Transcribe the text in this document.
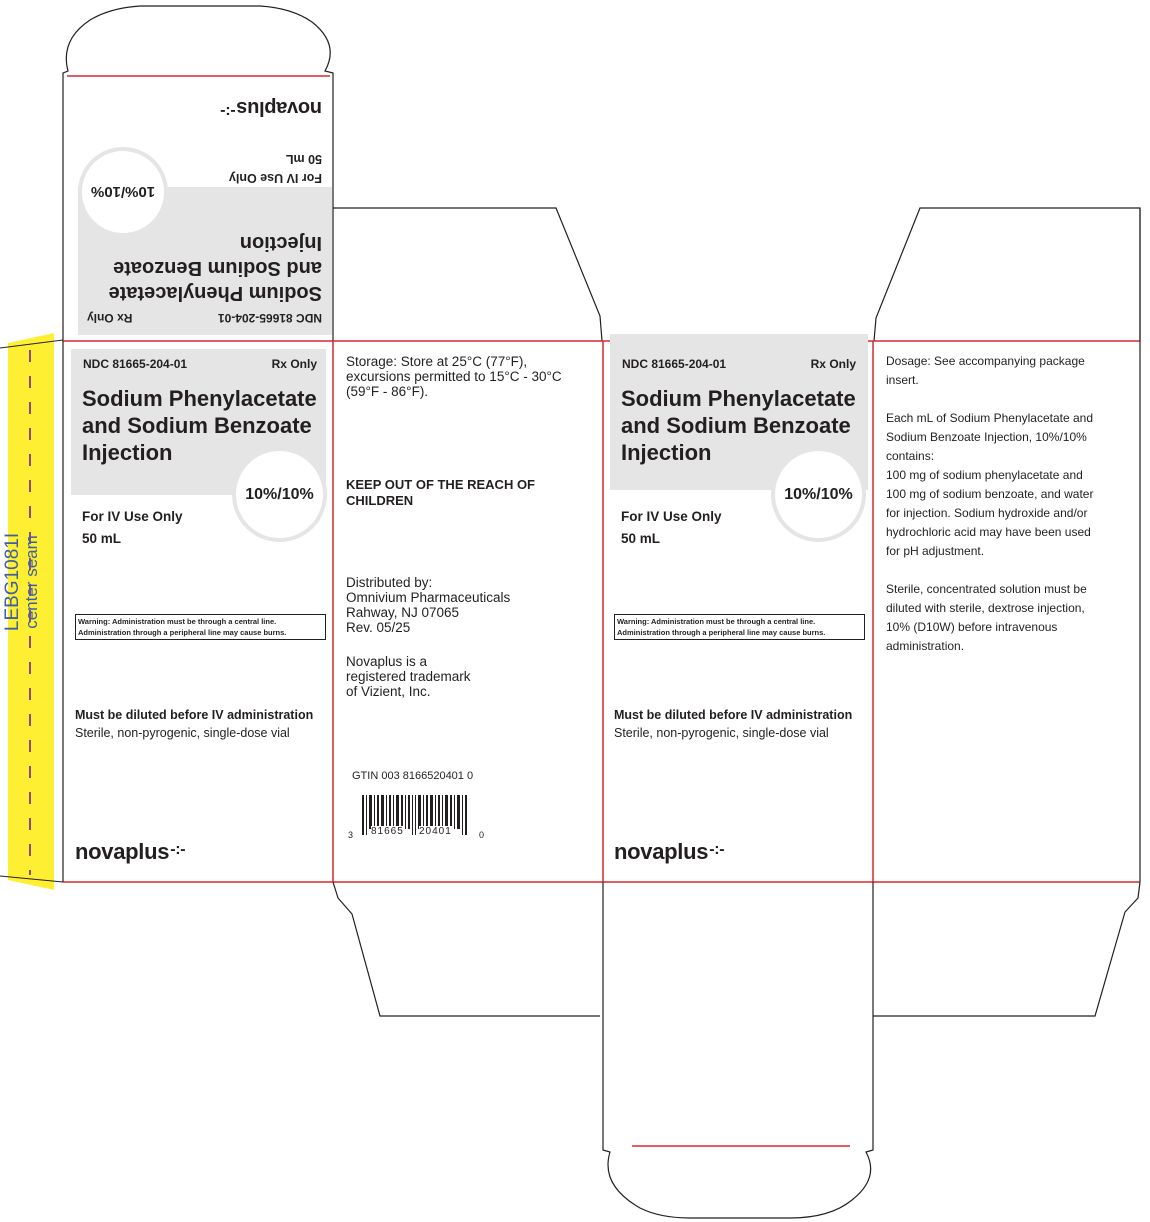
LEBG1081I center seam
NDC 81665-204-01
Rx Only
Sodium Phenylacetate
and Sodium Benzoate
Injection
10%/10%
For IV Use Only
50 mL
novaplus-:-
NDC 81665-204-01	Rx Only
Sodium Phenylacetate
and Sodium Benzoate
Injection
10%/10%
For IV Use Only
50 mL
Warning: Administration must be through a central line.
Administration through a peripheral line may cause burns.
Must be diluted before IV administration
Sterile, non-pyrogenic, single-dose vial
novaplus-:-
Storage: Store at 25°C (77°F),
excursions permitted to 15°C - 30°C
(59°F - 86°F).
KEEP OUT OF THE REACH OF
CHILDREN
Distributed by:
Omnivium Pharmaceuticals
Rahway, NJ 07065
Rev. 05/25
Novaplus is a
registered trademark
of Vizient, Inc.
GTIN 003 8166520401 0
3 81665 20401	0
NDC 81665-204-01	Rx Only
Sodium Phenylacetate
and Sodium Benzoate
Injection
10%/10%
For IV Use Only
50 mL
Warning: Administration must be through a central line.
Administration through a peripheral line may cause burns.
Must be diluted before IV administration
Sterile, non-pyrogenic, single-dose vial
novaplus-:-
Dosage: See accompanying package
insert.
Each mL of Sodium Phenylacetate and
Sodium Benzoate Injection, 10%/10%
contains:
100 mg of sodium phenylacetate and
100 mg of sodium benzoate, and water
for injection. Sodium hydroxide and/or
hydrochloric acid may have been used
for pH adjustment.
Sterile, concentrated solution must be
diluted with sterile, dextrose injection,
10% (D10W) before intravenous
administration.
